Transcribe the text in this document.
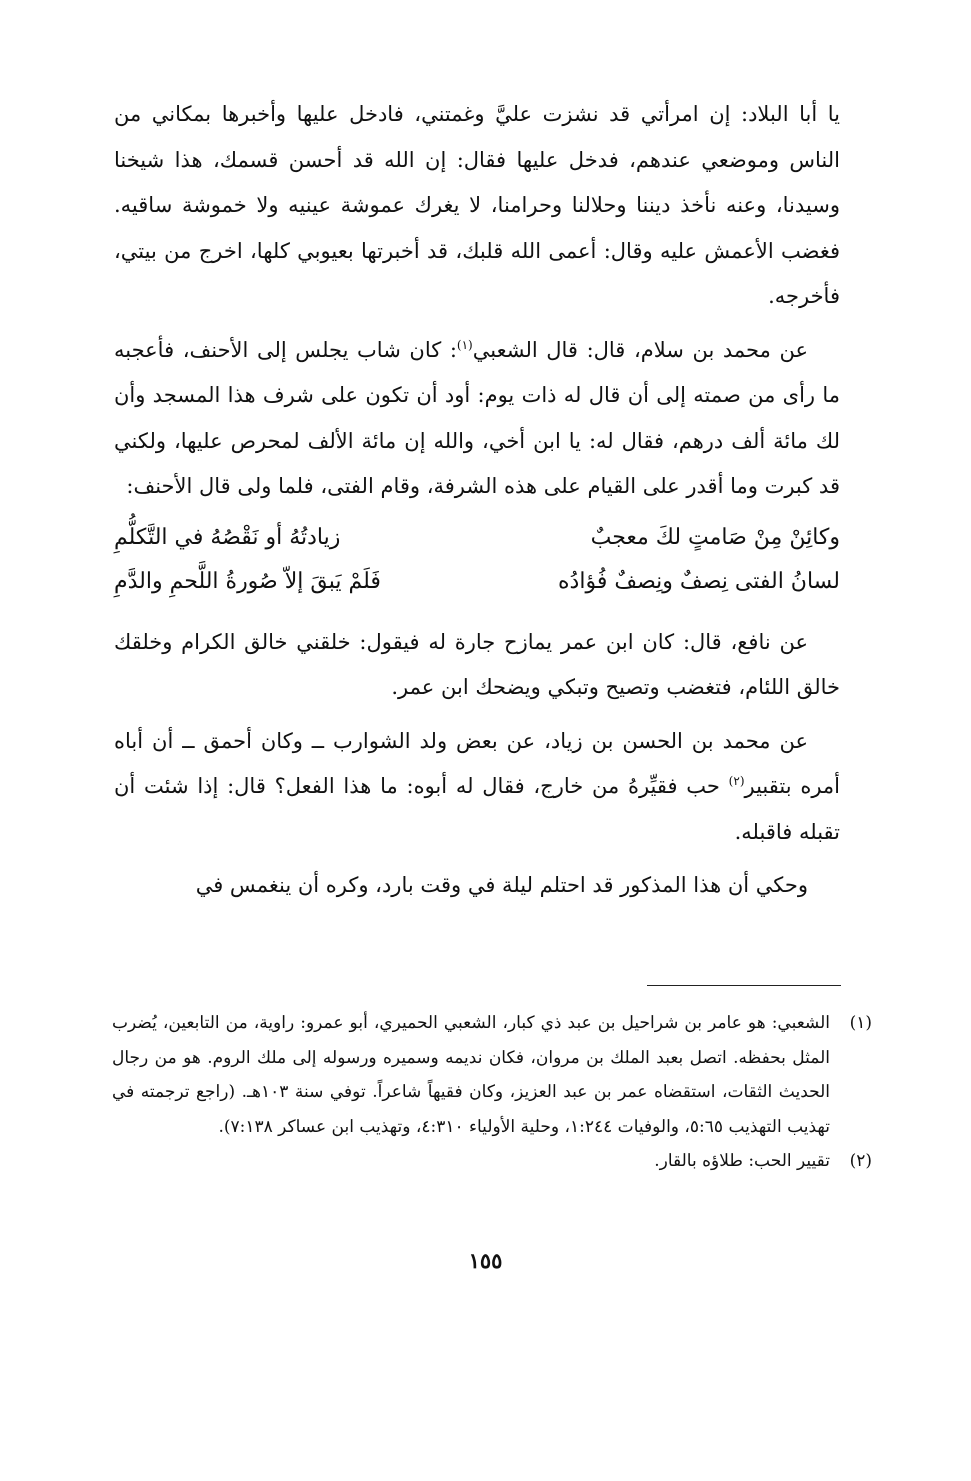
يا أبا البلاد: إن امرأتي قد نشزت عليَّ وغمتني، فادخل عليها وأخبرها بمكاني من الناس وموضعي عندهم، فدخل عليها فقال: إن الله قد أحسن قسمك، هذا شيخنا وسيدنا، وعنه نأخذ ديننا وحلالنا وحرامنا، لا يغرك عموشة عينيه ولا خموشة ساقيه. فغضب الأعمش عليه وقال: أعمى الله قلبك، قد أخبرتها بعيوبي كلها، اخرج من بيتي، فأخرجه.

عن محمد بن سلام، قال: قال الشعبي$^{(١)}$: كان شاب يجلس إلى الأحنف، فأعجبه ما رأى من صمته إلى أن قال له ذات يوم: أود أن تكون على شرف هذا المسجد وأن لك مائة ألف درهم، فقال له: يا ابن أخي، والله إن مائة الألف لمحرص عليها، ولكني قد كبرت وما أقدر على القيام على هذه الشرفة، وقام الفتى، فلما ولى قال الأحنف:

وكائِنْ مِنْ صَامتٍ لكَ معجبٌ
زيادتُهُ أو نَقْصُهُ في التَّكلُّمِ
لسانُ الفتى نِصفٌ ونِصفٌ فُؤادُه
فَلَمْ يَبقَ إلاّ صُورةُ اللَّحمِ والدَّمِ

عن نافع، قال: كان ابن عمر يمازح جارة له فيقول: خلقني خالق الكرام وخلقك خالق اللئام، فتغضب وتصيح وتبكي ويضحك ابن عمر.

عن محمد بن الحسن بن زياد، عن بعض ولد الشوارب ــ وكان أحمق ــ أن أباه أمره بتقبير$^{(٢)}$ حب فقيِّرهُ من خارج، فقال له أبوه: ما هذا الفعل؟ قال: إذا شئت أن تقبله فاقبله.

وحكي أن هذا المذكور قد احتلم ليلة في وقت بارد، وكره أن ينغمس في

(١)
الشعبي: هو عامر بن شراحيل بن عبد ذي كبار، الشعبي الحميري، أبو عمرو: راوية، من التابعين، يُضرب المثل بحفظه. اتصل بعبد الملك بن مروان، فكان نديمه وسميره ورسوله إلى ملك الروم. هو من رجال الحديث الثقات، استقضاه عمر بن عبد العزيز، وكان فقيهاً شاعراً. توفي سنة ١٠٣هـ. (راجع ترجمته في تهذيب التهذيب ٥:٦٥، والوفيات ١:٢٤٤، وحلية الأولياء ٤:٣١٠، وتهذيب ابن عساكر ٧:١٣٨).
(٢)
تقيير الحب: طلاؤه بالقار.
١٥٥
